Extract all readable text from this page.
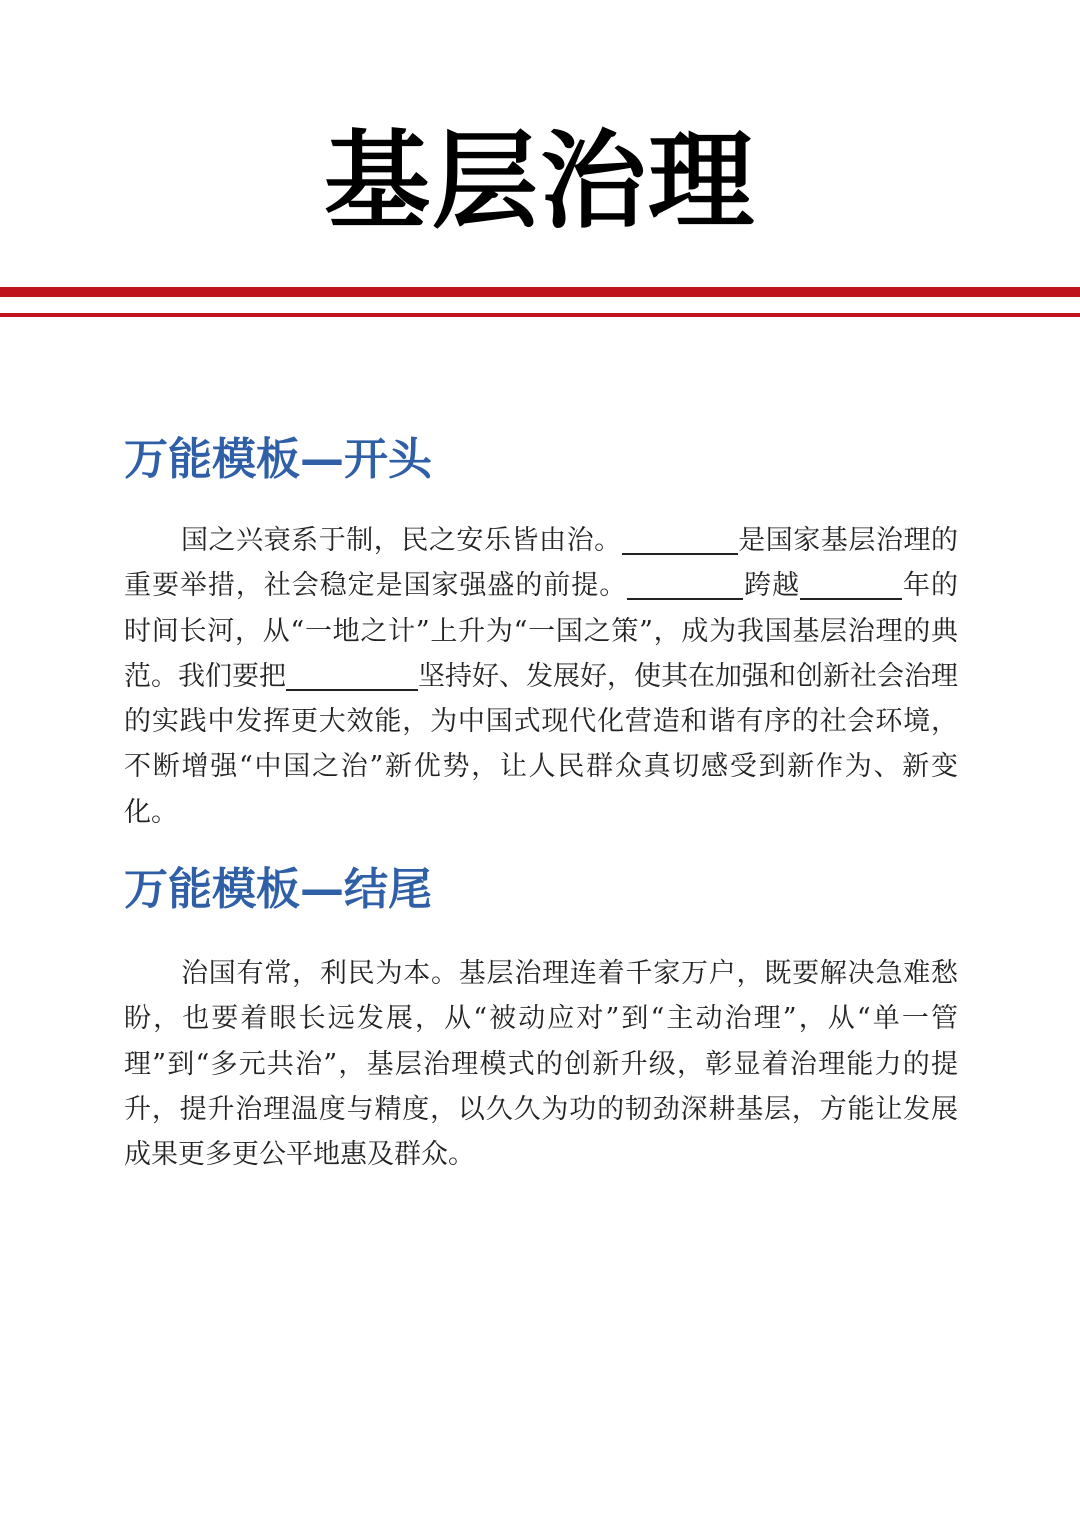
基层治理
万能模板—开头

国之兴衰系于制，民之安乐皆由治。	是国家基层治理的重要举措，社会稳定是国家强盛的前提。	跨越	年的时间长河，从“一地之计”上升为“一国之策”，成为我国基层治理的典范。我们要把	坚持好、发展好，使其在加强和创新社会治理的实践中发挥更大效能，为中国式现代化营造和谐有序的社会环境，不断增强“中国之治”新优势，让人民群众真切感受到新作为、新变化。

万能模板—结尾

治国有常，利民为本。基层治理连着千家万户，既要解决急难愁盼，也要着眼长远发展，从“被动应对”到“主动治理”，从“单一管理”到“多元共治”，基层治理模式的创新升级，彰显着治理能力的提升，提升治理温度与精度，以久久为功的韧劲深耕基层，方能让发展成果更多更公平地惠及群众。
